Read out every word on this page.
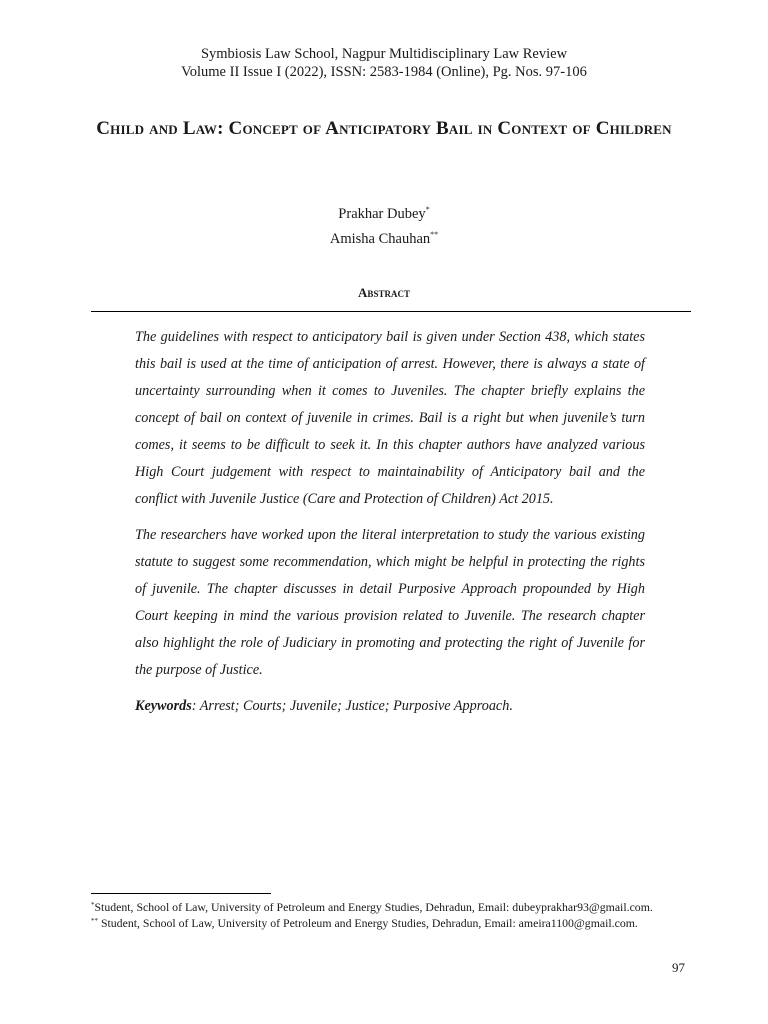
Symbiosis Law School, Nagpur Multidisciplinary Law Review
Volume II Issue I (2022), ISSN: 2583-1984 (Online), Pg. Nos. 97-106
Child and Law: Concept of Anticipatory Bail in Context of Children
Prakhar Dubey*
Amisha Chauhan**
Abstract

The guidelines with respect to anticipatory bail is given under Section 438, which states this bail is used at the time of anticipation of arrest. However, there is always a state of uncertainty surrounding when it comes to Juveniles. The chapter briefly explains the concept of bail on context of juvenile in crimes. Bail is a right but when juvenile’s turn comes, it seems to be difficult to seek it. In this chapter authors have analyzed various High Court judgement with respect to maintainability of Anticipatory bail and the conflict with Juvenile Justice (Care and Protection of Children) Act 2015.

The researchers have worked upon the literal interpretation to study the various existing statute to suggest some recommendation, which might be helpful in protecting the rights of juvenile. The chapter discusses in detail Purposive Approach propounded by High Court keeping in mind the various provision related to Juvenile. The research chapter also highlight the role of Judiciary in promoting and protecting the right of Juvenile for the purpose of Justice.

Keywords: Arrest; Courts; Juvenile; Justice; Purposive Approach.

*Student, School of Law, University of Petroleum and Energy Studies, Dehradun, Email: dubeyprakhar93@gmail.com.
** Student, School of Law, University of Petroleum and Energy Studies, Dehradun, Email: ameira1100@gmail.com.
97
